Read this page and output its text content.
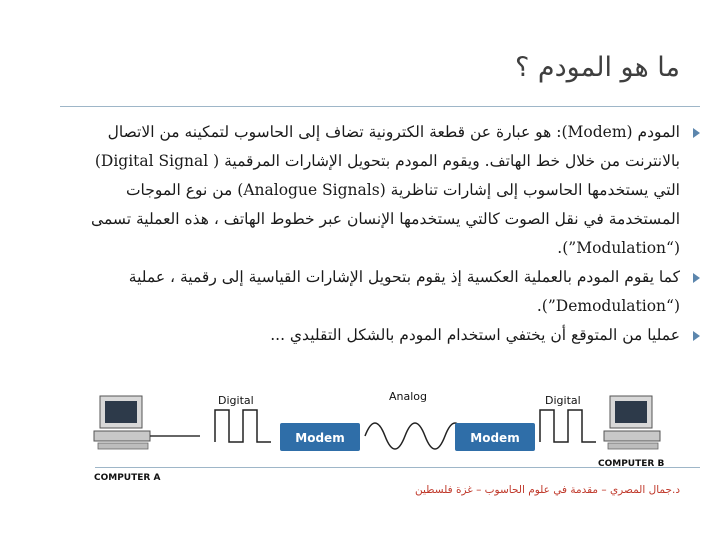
ما هو المودم ؟
المودم (Modem): هو عبارة عن قطعة الكترونية تضاف إلى الحاسوب لتمكينه من الاتصال
بالانترنت من خلال خط الهاتف. ويقوم المودم بتحويل الإشارات المرقمية ( Digital Signal)
التي يستخدمها الحاسوب إلى إشارات تناظرية (Analogue Signals) من نوع الموجات
المستخدمة في نقل الصوت كالتي يستخدمها الإنسان عبر خطوط الهاتف ، هذه العملية تسمى
(“Modulation”).
كما يقوم المودم بالعملية العكسية إذ يقوم بتحويل الإشارات القياسية إلى رقمية ، عملية
(“Demodulation”).
عمليا من المتوقع أن يختفي استخدام المودم بالشكل التقليدي ...
COMPUTER A
Digital
Modem
Analog
Modem
Digital
COMPUTER B
د.جمال المصري – مقدمة في علوم الحاسوب – غزة فلسطين
